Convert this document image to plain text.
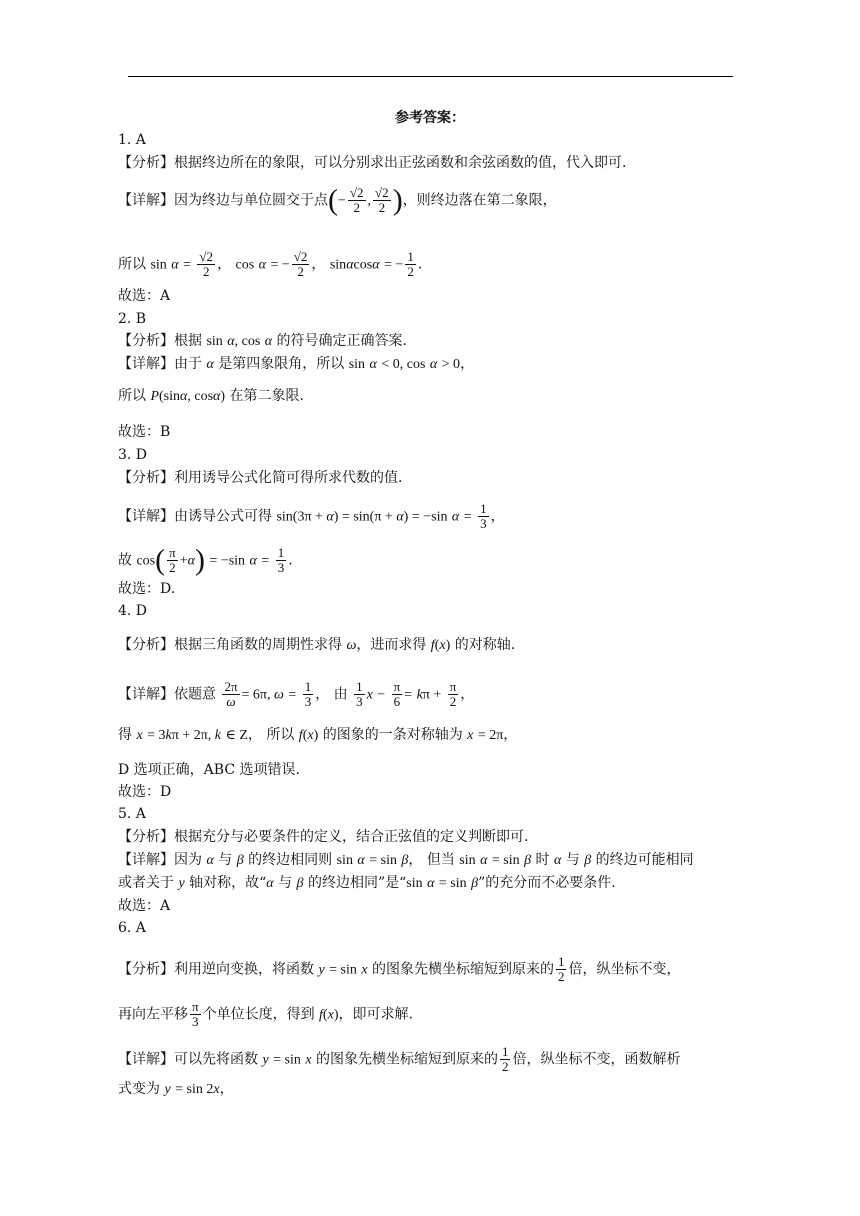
参考答案：
1. A
【分析】根据终边所在的象限，可以分别求出正弦函数和余弦函数的值，代入即可.
【详解】因为终边与单位圆交于点(− $\frac{√2}{2}$ , $\frac{√2}{2}$ )，则终边落在第二象限，
所以 $\sin \alpha = \frac{√2}{2}$ ， cos α = − $\frac{√2}{2}$ ， sinαcosα = − $\frac{1}{2}$ .
故选：A
2. B
【分析】根据 sin α, cos α 的符号确定正确答案.
【详解】由于 α 是第四象限角，所以 sin α < 0, cos α > 0，
所以 P(sinα, cosα) 在第二象限.
故选：B
3. D
【分析】利用诱导公式化简可得所求代数的值.
【详解】由诱导公式可得 sin(3π + α) = sin(π + α) = −sin $\alpha = \frac{1}{3}$ ，
故 $\cos( \frac{\pi}{2} +\alpha) = -\sin$ $\alpha = \frac{1}{3}$ .
故选：D.
4. D
【分析】根据三角函数的周期性求得 ω，进而求得 f(x) 的对称轴.
【详解】依题意 $\frac{2\pi}{\omega} = 6\pi$, $\omega = \frac{1}{3}$ ， 由 $\frac{1}{3}$ $x - \frac{\pi}{6} = k\pi + \frac{\pi}{2}$ ，
得 x = 3kπ + 2π, k ∈ Z， 所以 f(x) 的图象的一条对称轴为 x = 2π，
D 选项正确，ABC 选项错误.
故选：D
5. A
【分析】根据充分与必要条件的定义，结合正弦值的定义判断即可.
【详解】因为 α 与 β 的终边相同则 sin α = sin β， 但当 sin α = sin β 时 α 与 β 的终边可能相同
或者关于 y 轴对称，故“α 与 β 的终边相同”是“sin α = sin β”的充分而不必要条件.
故选：A
6. A
【分析】利用逆向变换，将函数 y = sin x 的图象先横坐标缩短到原来的 $\frac{1}{2}$ 倍，纵坐标不变，
再向左平移 $\frac{\pi}{3}$ 个单位长度，得到 f(x)，即可求解.
【详解】可以先将函数 y = sin x 的图象先横坐标缩短到原来的 $\frac{1}{2}$ 倍，纵坐标不变，函数解析
式变为 y = sin 2x，
